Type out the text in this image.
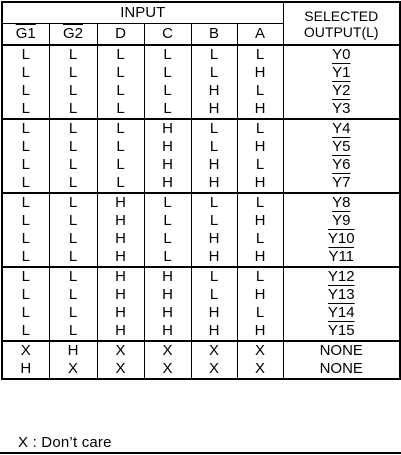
INPUT						SELECTED
OUTPUT(L)
G1	G2	D	C	B	A	
L	L	L	L	L	L	Y0
L	L	L	L	L	H	Y1
L	L	L	L	H	L	Y2
L	L	L	L	H	H	Y3
L	L	L	H	L	L	Y4
L	L	L	H	L	H	Y5
L	L	L	H	H	L	Y6
L	L	L	H	H	H	Y7
L	L	H	L	L	L	Y8
L	L	H	L	L	H	Y9
L	L	H	L	H	L	Y10
L	L	H	L	H	H	Y11
L	L	H	H	L	L	Y12
L	L	H	H	L	H	Y13
L	L	H	H	H	L	Y14
L	L	H	H	H	H	Y15
X	H	X	X	X	X	NONE
H	X	X	X	X	X	NONE
X : Don’t care
